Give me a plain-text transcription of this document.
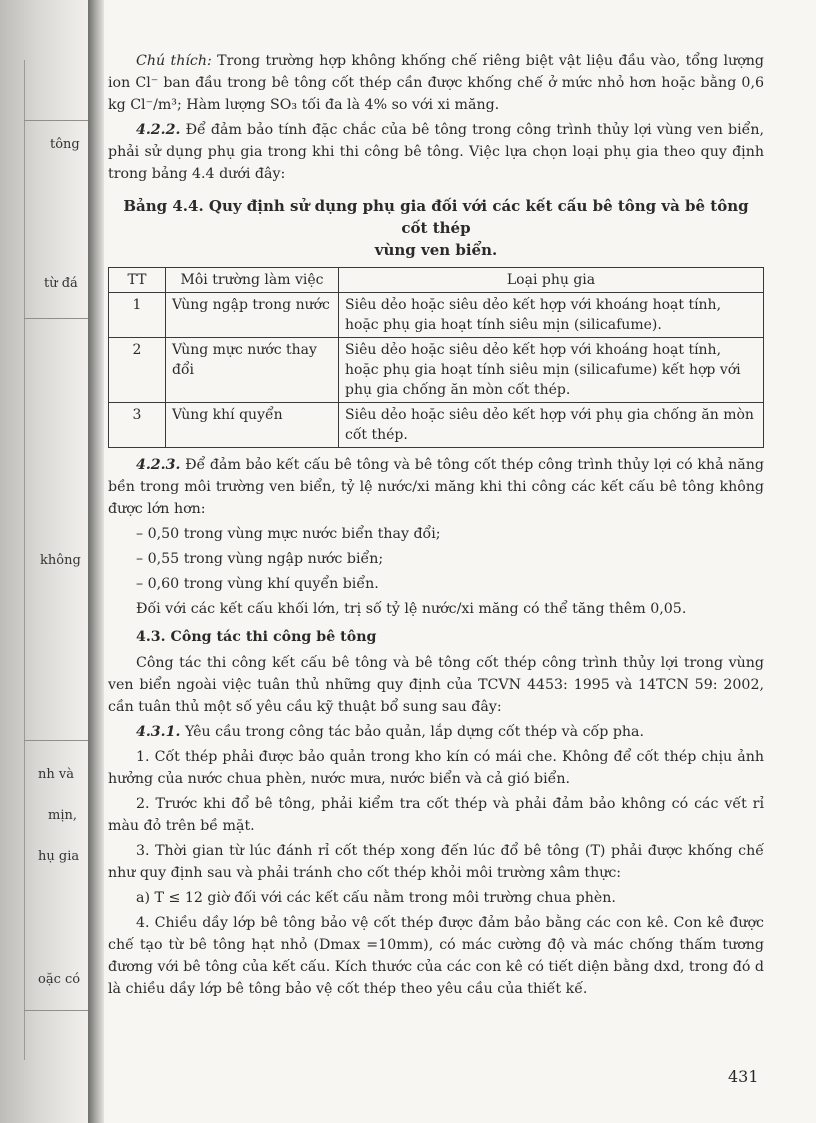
tông
từ đá
không
nh và
mịn,
hụ gia
oặc có

Chú thích: Trong trường hợp không khống chế riêng biệt vật liệu đầu vào, tổng lượng ion Cl⁻ ban đầu trong bê tông cốt thép cần được khống chế ở mức nhỏ hơn hoặc bằng 0,6 kg Cl⁻/m³; Hàm lượng SO₃ tối đa là 4% so với xi măng.

4.2.2. Để đảm bảo tính đặc chắc của bê tông trong công trình thủy lợi vùng ven biển, phải sử dụng phụ gia trong khi thi công bê tông. Việc lựa chọn loại phụ gia theo quy định trong bảng 4.4 dưới đây:

Bảng 4.4. Quy định sử dụng phụ gia đối với các kết cấu bê tông và bê tông cốt thép
vùng ven biển.
TT	Môi trường làm việc	Loại phụ gia
1	Vùng ngập trong nước	Siêu dẻo hoặc siêu dẻo kết hợp với khoáng hoạt tính, hoặc phụ gia hoạt tính siêu mịn (silicafume).
2	Vùng mực nước thay đổi	Siêu dẻo hoặc siêu dẻo kết hợp với khoáng hoạt tính, hoặc phụ gia hoạt tính siêu mịn (silicafume) kết hợp với phụ gia chống ăn mòn cốt thép.
3	Vùng khí quyển	Siêu dẻo hoặc siêu dẻo kết hợp với phụ gia chống ăn mòn cốt thép.

4.2.3. Để đảm bảo kết cấu bê tông và bê tông cốt thép công trình thủy lợi có khả năng bền trong môi trường ven biển, tỷ lệ nước/xi măng khi thi công các kết cấu bê tông không được lớn hơn:

– 0,50 trong vùng mực nước biển thay đổi;

– 0,55 trong vùng ngập nước biển;

– 0,60 trong vùng khí quyển biển.

Đối với các kết cấu khối lớn, trị số tỷ lệ nước/xi măng có thể tăng thêm 0,05.

4.3. Công tác thi công bê tông

Công tác thi công kết cấu bê tông và bê tông cốt thép công trình thủy lợi trong vùng ven biển ngoài việc tuân thủ những quy định của TCVN 4453: 1995 và 14TCN 59: 2002, cần tuân thủ một số yêu cầu kỹ thuật bổ sung sau đây:

4.3.1. Yêu cầu trong công tác bảo quản, lắp dựng cốt thép và cốp pha.

1. Cốt thép phải được bảo quản trong kho kín có mái che. Không để cốt thép chịu ảnh hưởng của nước chua phèn, nước mưa, nước biển và cả gió biển.

2. Trước khi đổ bê tông, phải kiểm tra cốt thép và phải đảm bảo không có các vết rỉ màu đỏ trên bề mặt.

3. Thời gian từ lúc đánh rỉ cốt thép xong đến lúc đổ bê tông (T) phải được khống chế như quy định sau và phải tránh cho cốt thép khỏi môi trường xâm thực:

a) T ≤ 12 giờ đối với các kết cấu nằm trong môi trường chua phèn.

4. Chiều dầy lớp bê tông bảo vệ cốt thép được đảm bảo bằng các con kê. Con kê được chế tạo từ bê tông hạt nhỏ (Dmax =10mm), có mác cường độ và mác chống thấm tương đương với bê tông của kết cấu. Kích thước của các con kê có tiết diện bằng dxd, trong đó d là chiều dầy lớp bê tông bảo vệ cốt thép theo yêu cầu của thiết kế.

431
